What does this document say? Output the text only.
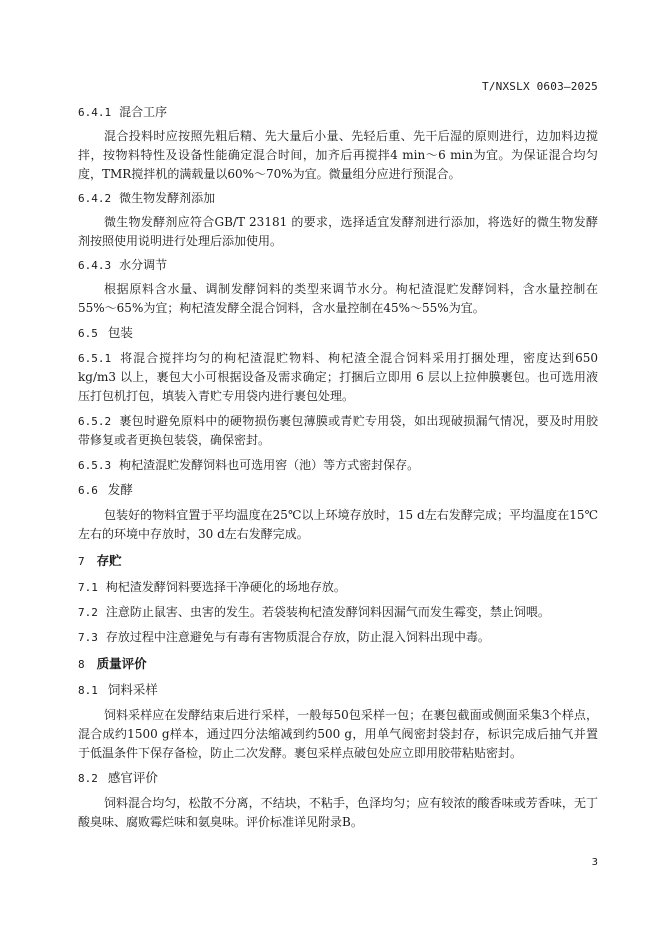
T/NXSLX 0603—2025
6.4.1 混合工序
混合投料时应按照先粗后精、先大量后小量、先轻后重、先干后湿的原则进行，边加料边搅拌，按物料特性及设备性能确定混合时间，加齐后再搅拌4 min～6 min为宜。为保证混合均匀度，TMR搅拌机的满载量以60%～70%为宜。微量组分应进行预混合。
6.4.2 微生物发酵剂添加
微生物发酵剂应符合GB/T 23181 的要求，选择适宜发酵剂进行添加，将选好的微生物发酵剂按照使用说明进行处理后添加使用。
6.4.3 水分调节
根据原料含水量、调制发酵饲料的类型来调节水分。枸杞渣混贮发酵饲料，含水量控制在55%～65%为宜；枸杞渣发酵全混合饲料，含水量控制在45%～55%为宜。
6.5 包装
6.5.1 将混合搅拌均匀的枸杞渣混贮物料、枸杞渣全混合饲料采用打捆处理，密度达到650 kg/m3 以上，裹包大小可根据设备及需求确定；打捆后立即用 6 层以上拉伸膜裹包。也可选用液压打包机打包，填装入青贮专用袋内进行裹包处理。
6.5.2 裹包时避免原料中的硬物损伤裹包薄膜或青贮专用袋，如出现破损漏气情况，要及时用胶带修复或者更换包装袋，确保密封。
6.5.3 枸杞渣混贮发酵饲料也可选用窖（池）等方式密封保存。
6.6 发酵
包装好的物料宜置于平均温度在25℃以上环境存放时，15 d左右发酵完成；平均温度在15℃左右的环境中存放时，30 d左右发酵完成。
7 存贮
7.1 枸杞渣发酵饲料要选择干净硬化的场地存放。
7.2 注意防止鼠害、虫害的发生。若袋装枸杞渣发酵饲料因漏气而发生霉变，禁止饲喂。
7.3 存放过程中注意避免与有毒有害物质混合存放，防止混入饲料出现中毒。
8 质量评价
8.1 饲料采样
饲料采样应在发酵结束后进行采样，一般每50包采样一包；在裹包截面或侧面采集3个样点，混合成约1500 g样本，通过四分法缩减到约500 g，用单气阀密封袋封存，标识完成后抽气并置于低温条件下保存备检，防止二次发酵。裹包采样点破包处应立即用胶带粘贴密封。
8.2 感官评价
饲料混合均匀，松散不分离，不结块，不粘手，色泽均匀；应有较浓的酸香味或芳香味，无丁酸臭味、腐败霉烂味和氨臭味。评价标准详见附录B。
3
